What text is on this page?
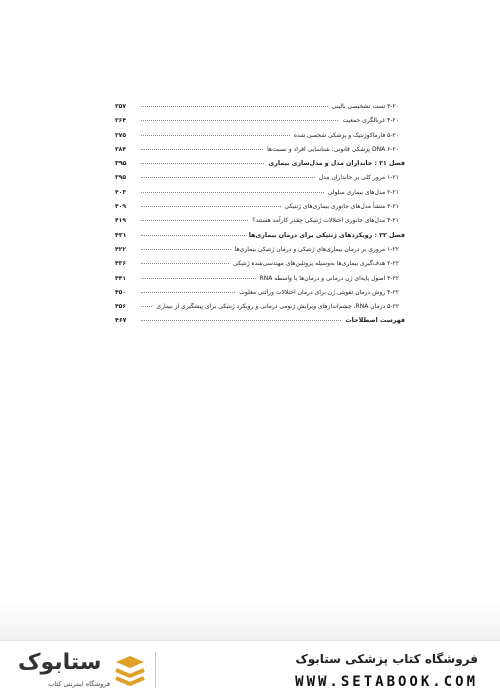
۳-۲۰ تست تشخیصی بالینی
۳۵۷
۴-۲۰ غربالگری جمعیت
۳۶۴
۵-۲۰ فارماکوژنتیک و پزشکی شخصی شده
۳۷۵
۶-۲۰ DNA پزشکی قانونی: شناسایی افراد و نسبت‌ها
۳۸۴
فصل ۲۱ : جانداران مدل و مدل‌سازی بیماری
۳۹۵
۱-۲۱ مرور کلی بر جانداران مدل
۳۹۵
۲-۲۱ مدل‌های بیماری سلولی
۴۰۳
۳-۲۱ منشأ مدل‌های جانوری بیماری‌های ژنتیکی
۴۰۹
۴-۲۱ مدل‌های جانوری اختلالات ژنتیکی چقدر کارآمد هستند؟
۴۱۹
فصل ۲۲ : رویکردهای ژنتیکی برای درمان بیماری‌ها
۴۲۱
۱-۲۲ مروری بر درمان بیماری‌های ژنتیکی و درمان ژنتیکی بیماری‌ها
۴۲۲
۲-۲۲ هدف‌گیری بیماری‌ها به‌وسیله پروتئین‌های مهندسی‌شده ژنتیکی
۴۳۶
۳-۲۲ اصول پایه‌ای ژن درمانی و درمان‌ها با واسطه RNA
۴۴۱
۴-۲۲ روش درمان تقویتی ژن برای درمان اختلالات وراثتی مغلوب
۴۵۰
۵-۲۲ درمان RNA، چشم‌اندازهای ویرایش ژنومی درمانی و رویکرد ژنتیکی برای پیشگیری از بیماری
۴۵۶
فهرست اصطلاحات
۴۶۷
ستابوک
فروشگاه اینترنتی کتاب
فروشگاه کتاب پزشکی ستابوک
WWW.SETABOOK.COM
